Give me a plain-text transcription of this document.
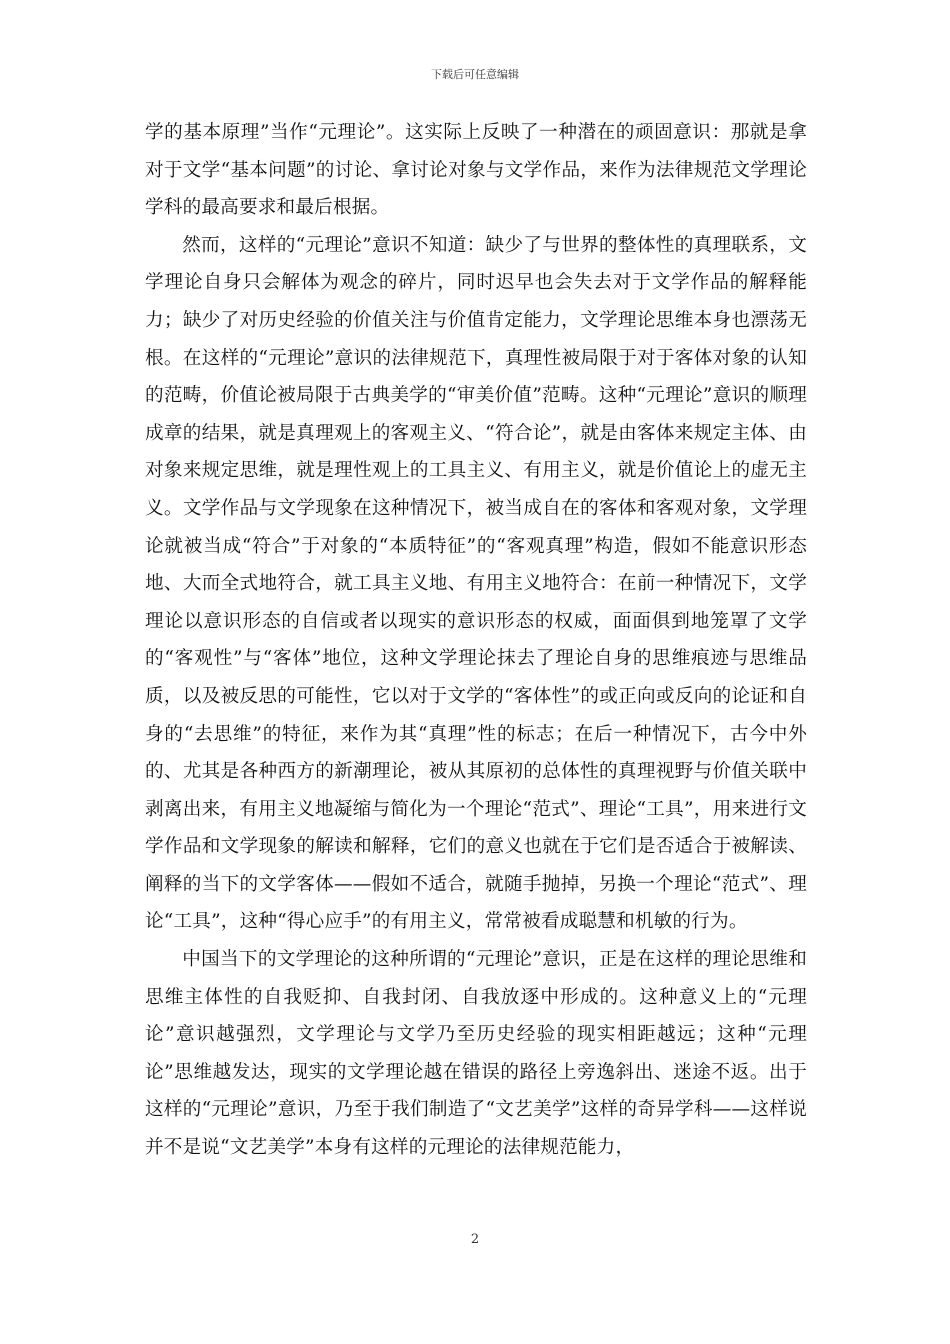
下载后可任意编辑

学的基本原理”当作“元理论”。这实际上反映了一种潜在的顽固意识：那就是拿对于文学“基本问题”的讨论、拿讨论对象与文学作品，来作为法律规范文学理论学科的最高要求和最后根据。

然而，这样的“元理论”意识不知道：缺少了与世界的整体性的真理联系，文学理论自身只会解体为观念的碎片，同时迟早也会失去对于文学作品的解释能力；缺少了对历史经验的价值关注与价值肯定能力，文学理论思维本身也漂荡无根。在这样的“元理论”意识的法律规范下，真理性被局限于对于客体对象的认知的范畴，价值论被局限于古典美学的“审美价值”范畴。这种“元理论”意识的顺理成章的结果，就是真理观上的客观主义、“符合论”，就是由客体来规定主体、由对象来规定思维，就是理性观上的工具主义、有用主义，就是价值论上的虚无主义。文学作品与文学现象在这种情况下，被当成自在的客体和客观对象，文学理论就被当成“符合”于对象的“本质特征”的“客观真理”构造，假如不能意识形态地、大而全式地符合，就工具主义地、有用主义地符合：在前一种情况下，文学理论以意识形态的自信或者以现实的意识形态的权威，面面俱到地笼罩了文学的“客观性”与“客体”地位，这种文学理论抹去了理论自身的思维痕迹与思维品质，以及被反思的可能性，它以对于文学的“客体性”的或正向或反向的论证和自身的“去思维”的特征，来作为其“真理”性的标志；在后一种情况下，古今中外的、尤其是各种西方的新潮理论，被从其原初的总体性的真理视野与价值关联中剥离出来，有用主义地凝缩与简化为一个理论“范式”、理论“工具”，用来进行文学作品和文学现象的解读和解释，它们的意义也就在于它们是否适合于被解读、阐释的当下的文学客体——假如不适合，就随手抛掉，另换一个理论“范式”、理论“工具”，这种“得心应手”的有用主义，常常被看成聪慧和机敏的行为。

中国当下的文学理论的这种所谓的“元理论”意识，正是在这样的理论思维和思维主体性的自我贬抑、自我封闭、自我放逐中形成的。这种意义上的“元理论”意识越强烈，文学理论与文学乃至历史经验的现实相距越远；这种“元理论”思维越发达，现实的文学理论越在错误的路径上旁逸斜出、迷途不返。出于这样的“元理论”意识，乃至于我们制造了“文艺美学”这样的奇异学科——这样说并不是说“文艺美学”本身有这样的元理论的法律规范能力，

2
